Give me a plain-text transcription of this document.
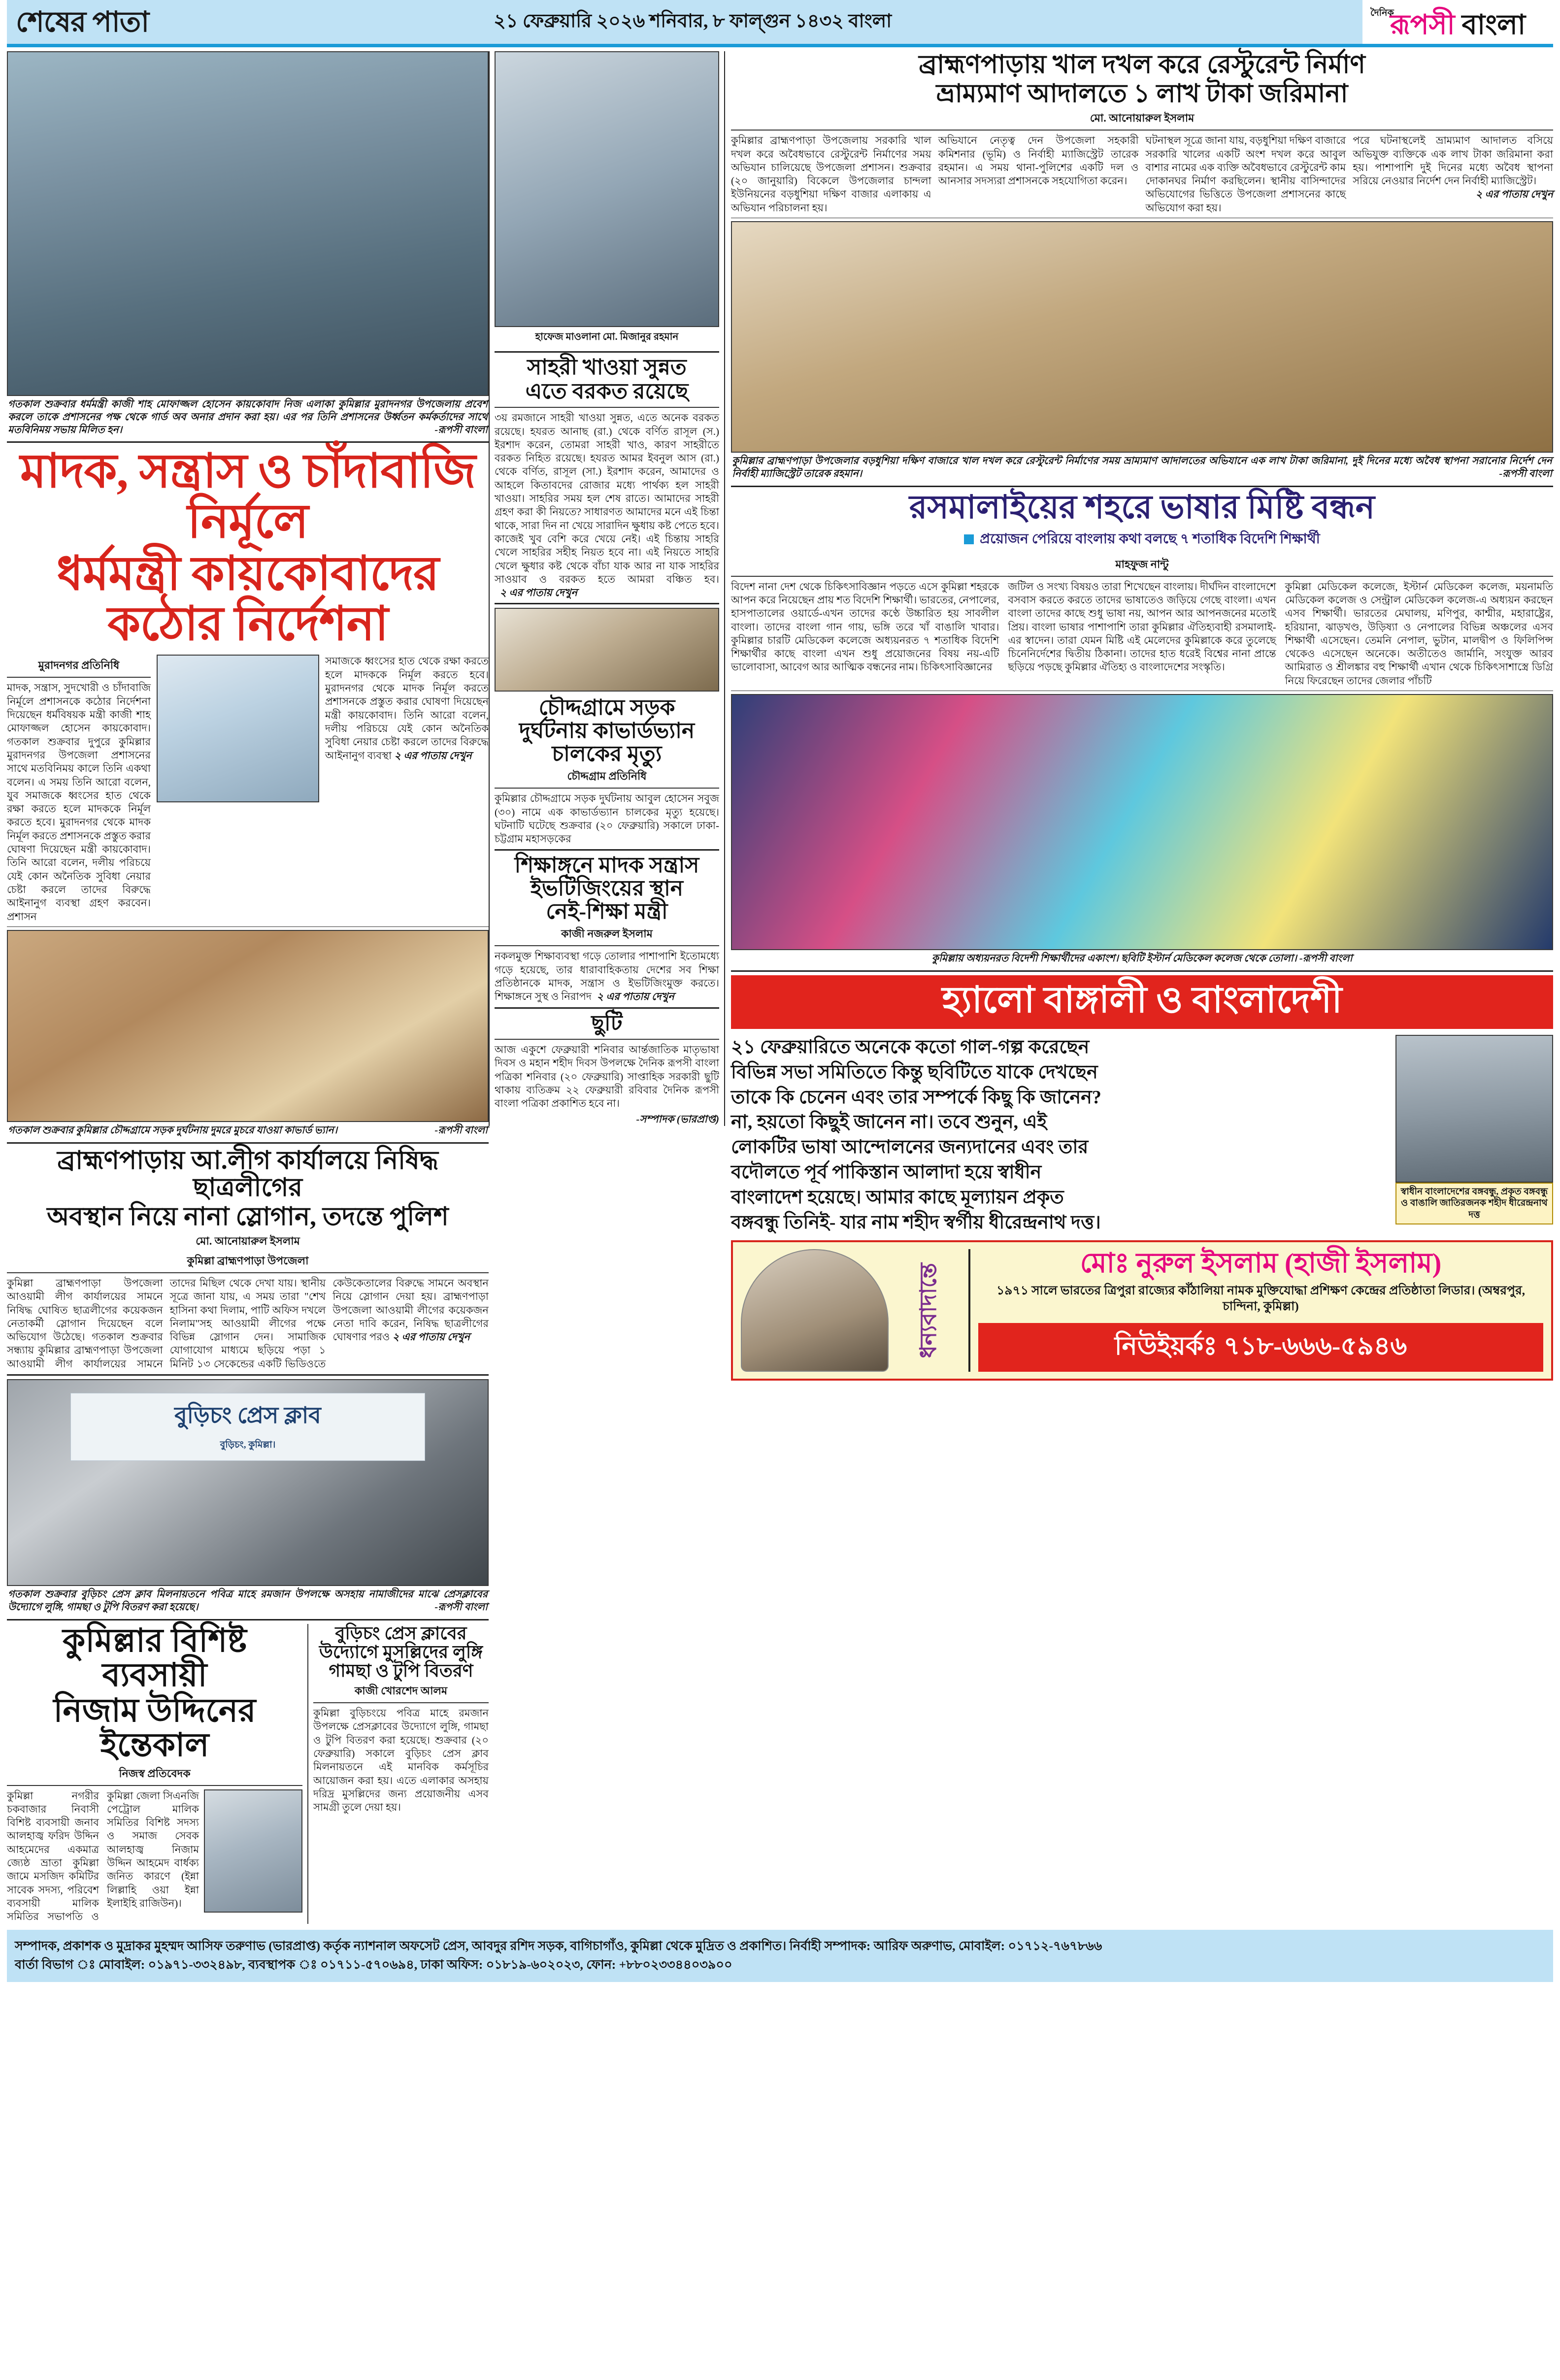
শেষের পাতা	২১ ফেব্রুয়ারি ২০২৬ শনিবার, ৮ ফাল্গুন ১৪৩২ বাংলা	দৈনিক
রূপসী বাংলা
গতকাল শুক্রবার ধর্মমন্ত্রী কাজী শাহ মোফাজ্জল হোসেন কায়কোবাদ নিজ এলাকা কুমিল্লার মুরাদনগর উপজেলায় প্রবেশ করলে তাকে প্রশাসনের পক্ষ থেকে গার্ড অব অনার প্রদান করা হয়। এর পর তিনি প্রশাসনের উর্ধ্বতন কর্মকর্তাদের সাথে মতবিনিময় সভায় মিলিত হন।	-রূপসী বাংলা
মাদক, সন্ত্রাস ও চাঁদাবাজি নির্মূলে
ধর্মমন্ত্রী কায়কোবাদের কঠোর নির্দেশনা
মুরাদনগর প্রতিনিধি
মাদক, সন্ত্রাস, সুদখোরী ও চাঁদাবাজি নির্মূলে প্রশাসনকে কঠোর নির্দেশনা দিয়েছেন ধর্মবিষয়ক মন্ত্রী কাজী শাহ মোফাজ্জল হোসেন কায়কোবাদ। গতকাল শুক্রবার দুপুরে কুমিল্লার মুরাদনগর উপজেলা প্রশাসনের সাথে মতবিনিময় কালে তিনি একথা বলেন। এ সময় তিনি আরো বলেন, যুব সমাজকে ধ্বংসের হাত থেকে রক্ষা করতে হলে মাদককে নির্মূল করতে হবে। মুরাদনগর থেকে মাদক নির্মূল করতে প্রশাসনকে প্রস্তুত করার ঘোষণা দিয়েছেন মন্ত্রী কায়কোবাদ। তিনি আরো বলেন, দলীয় পরিচয়ে যেই কোন অনৈতিক সুবিধা নেয়ার চেষ্টা করলে তাদের বিরুদ্ধে আইনানুগ ব্যবস্থা গ্রহণ করবেন। প্রশাসন
সমাজকে ধ্বংসের হাত থেকে রক্ষা করতে হলে মাদককে নির্মূল করতে হবে। মুরাদনগর থেকে মাদক নির্মূল করতে প্রশাসনকে প্রস্তুত করার ঘোষণা দিয়েছেন মন্ত্রী কায়কোবাদ। তিনি আরো বলেন, দলীয় পরিচয়ে যেই কোন অনৈতিক সুবিধা নেয়ার চেষ্টা করলে তাদের বিরুদ্ধে আইনানুগ ব্যবস্থা ২ এর পাতায় দেখুন
গতকাল শুক্রবার কুমিল্লার চৌদ্দগ্রামে সড়ক দুর্ঘটনায় দুমরে মুচরে যাওয়া কাভার্ড ভ্যান।	-রূপসী বাংলা
ব্রাহ্মণপাড়ায় আ.লীগ কার্যালয়ে নিষিদ্ধ ছাত্রলীগের
অবস্থান নিয়ে নানা স্লোগান, তদন্তে পুলিশ
মো. আনোয়ারুল ইসলাম
কুমিল্লা ব্রাহ্মণপাড়া উপজেলা
কুমিল্লা ব্রাহ্মণপাড়া উপজেলা আওয়ামী লীগ কার্যালয়ের সামনে নিষিদ্ধ ঘোষিত ছাত্রলীগের কয়েকজন নেতাকর্মী স্লোগান দিয়েছেন বলে অভিযোগ উঠেছে। গতকাল শুক্রবার সন্ধ্যায় কুমিল্লার ব্রাহ্মণপাড়া উপজেলা আওয়ামী লীগ কার্যালয়ের সামনে তাদের মিছিল থেকে দেখা যায়। স্থানীয় সূত্রে জানা যায়, এ সময় তারা "শেখ হাসিনা কথা দিলাম, পাটি অফিস দখলে নিলাম"সহ আওয়ামী লীগের পক্ষে বিভিন্ন স্লোগান দেন। সামাজিক যোগাযোগ মাধ্যমে ছড়িয়ে পড়া ১ মিনিট ১৩ সেকেন্ডের একটি ভিডিওতে কেউকেতালের বিরুদ্ধে সামনে অবস্থান নিয়ে স্লোগান দেয়া হয়। ব্রাহ্মণপাড়া উপজেলা আওয়ামী লীগের কয়েকজন নেতা দাবি করেন, নিষিদ্ধ ছাত্রলীগের ঘোষণার পরও ২ এর পাতায় দেখুন
বুড়িচং প্রেস ক্লাব
বুড়িচং, কুমিল্লা।
গতকাল শুক্রবার বুড়িচং প্রেস ক্লাব মিলনায়তনে পবিত্র মাহে রমজান উপলক্ষে অসহায় নামাজীদের মাঝে প্রেসক্লাবের উদ্যোগে লুঙ্গি, গামছা ও টুপি বিতরণ করা হয়েছে।	-রূপসী বাংলা
কুমিল্লার বিশিষ্ট ব্যবসায়ী
নিজাম উদ্দিনের ইন্তেকাল
নিজস্ব প্রতিবেদক
কুমিল্লা নগরীর চকবাজার নিবাসী বিশিষ্ট ব্যবসায়ী জনাব আলহাজ্ব ফরিদ উদ্দিন আহমেদের একমাত্র জ্যেষ্ঠ ভ্রাতা কুমিল্লা জামে মসজিদ কমিটির সাবেক সদস্য, পরিবেশ ব্যবসায়ী মালিক সমিতির সভাপতি ও কুমিল্লা জেলা সিএনজি পেট্রোল মালিক সমিতির বিশিষ্ট সদস্য ও সমাজ সেবক আলহাজ্ব নিজাম উদ্দিন আহমেদ বার্ধক্য জনিত কারণে (ইন্না লিল্লাহি ওয়া ইন্না ইলাইহি রাজিউন)।
বুড়িচং প্রেস ক্লাবের উদ্যোগে মুসল্লিদের লুঙ্গি গামছা ও টুপি বিতরণ
কাজী খোরশেদ আলম
কুমিল্লা বুড়িচংয়ে পবিত্র মাহে রমজান উপলক্ষে প্রেসক্লাবের উদ্যোগে লুঙ্গি, গামছা ও টুপি বিতরণ করা হয়েছে। শুক্রবার (২০ ফেব্রুয়ারি) সকালে বুড়িচং প্রেস ক্লাব মিলনায়তনে এই মানবিক কর্মসূচির আয়োজন করা হয়। এতে এলাকার অসহায় দরিদ্র মুসল্লিদের জন্য প্রয়োজনীয় এসব সামগ্রী তুলে দেয়া হয়।
হাফেজ মাওলানা মো. মিজানুর রহমান
সাহরী খাওয়া সুন্নত
এতে বরকত রয়েছে
৩য় রমজানে সাহরী খাওয়া সুন্নত, এতে অনেক বরকত রয়েছে। হযরত আনাছ (রা.) থেকে বর্ণিত রাসূল (স.) ইরশাদ করেন, তোমরা সাহরী খাও, কারণ সাহরীতে বরকত নিহিত রয়েছে। হযরত আমর ইবনুল আস (রা.) থেকে বর্ণিত, রাসূল (সা.) ইরশাদ করেন, আমাদের ও আহলে কিতাবদের রোজার মধ্যে পার্থক্য হল সাহরী খাওয়া। সাহরির সময় হল শেষ রাতে। আমাদের সাহরী গ্রহণ করা কী নিয়তে? সাধারণত আমাদের মনে এই চিন্তা থাকে, সারা দিন না খেয়ে সারাদিন ক্ষুধায় কষ্ট পেতে হবে। কাজেই খুব বেশি করে খেয়ে নেই। এই চিন্তায় সাহরি খেলে সাহরির সহীহ নিয়ত হবে না। এই নিয়তে সাহরি খেলে ক্ষুধার কষ্ট থেকে বাঁচা যাক আর না যাক সাহরির সাওয়াব ও বরকত হতে আমরা বঞ্চিত হব।   ২ এর পাতায় দেখুন
চৌদ্দগ্রামে সড়ক
দুর্ঘটনায় কাভার্ডভ্যান
চালকের মৃত্যু
চৌদ্দগ্রাম প্রতিনিধি
কুমিল্লার চৌদ্দগ্রামে সড়ক দুর্ঘটনায় আবুল হোসেন সবুজ (৩০) নামে এক কাভার্ডভ্যান চালকের মৃত্যু হয়েছে। ঘটনাটি ঘটেছে শুক্রবার (২০ ফেব্রুয়ারি) সকালে ঢাকা-চট্টগ্রাম মহাসড়কের
শিক্ষাঙ্গনে মাদক সন্ত্রাস
ইভটিজিংয়ের স্থান
নেই-শিক্ষা মন্ত্রী
কাজী নজরুল ইসলাম
নকলমুক্ত শিক্ষাব্যবস্থা গড়ে তোলার পাশাপাশি ইতোমধ্যে গড়ে হয়েছে, তার ধারাবাহিকতায় দেশের সব শিক্ষা প্রতিষ্ঠানকে মাদক, সন্ত্রাস ও ইভটিজিংমুক্ত করতে। শিক্ষাঙ্গনে সুস্থ ও নিরাপদ ২ এর পাতায় দেখুন
ছুটি
আজ একুশে ফেব্রুয়ারী শনিবার আর্ন্তজাতিক মাতৃভাষা দিবস ও মহান শহীদ দিবস উপলক্ষে দৈনিক রূপসী বাংলা পত্রিকা শনিবার (২০ ফেব্রুয়ারি) সাপ্তাহিক সরকারী ছুটি থাকায় ব্যতিক্রম ২২ ফেব্রুয়ারী রবিবার দৈনিক রূপসী বাংলা পত্রিকা প্রকাশিত হবে না।
-সম্পাদক (ভারপ্রাপ্ত)
ব্রাহ্মণপাড়ায় খাল দখল করে রেস্টুরেন্ট নির্মাণ
ভ্রাম্যমাণ আদালতে ১ লাখ টাকা জরিমানা
মো. আনোয়ারুল ইসলাম
কুমিল্লার ব্রাহ্মণপাড়া উপজেলায় সরকারি খাল দখল করে অবৈধভাবে রেস্টুরেন্ট নির্মাণের সময় অভিযান চালিয়েছে উপজেলা প্রশাসন। শুক্রবার (২০ জানুয়ারি) বিকেলে উপজেলার চান্দলা ইউনিয়নের বড়ধুশিয়া দক্ষিণ বাজার এলাকায় এ অভিযান পরিচালনা হয়।
অভিযানে নেতৃত্ব দেন উপজেলা সহকারী কমিশনার (ভূমি) ও নির্বাহী ম্যাজিস্ট্রেট তারেক রহমান। এ সময় থানা-পুলিশের একটি দল ও আনসার সদস্যরা প্রশাসনকে সহযোগিতা করেন।
ঘটনাস্থল সূত্রে জানা যায়, বড়ধুশিয়া দক্ষিণ বাজারে সরকারি খালের একটি অংশ দখল করে আবুল বাশার নামের এক ব্যক্তি অবৈধভাবে রেস্টুরেন্ট কাম দোকানঘর নির্মাণ করছিলেন। স্থানীয় বাসিন্দাদের অভিযোগের ভিত্তিতে উপজেলা প্রশাসনের কাছে অভিযোগ করা হয়।
পরে ঘটনাস্থলেই ভ্রাম্যমাণ আদালত বসিয়ে অভিযুক্ত ব্যক্তিকে এক লাখ টাকা জরিমানা করা হয়। পাশাপাশি দুই দিনের মধ্যে অবৈধ স্থাপনা সরিয়ে নেওয়ার নির্দেশ দেন নির্বাহী ম্যাজিস্ট্রেট।
২ এর পাতায় দেখুন
কুমিল্লার ব্রাহ্মণপাড়া উপজেলার বড়ধুশিয়া দক্ষিণ বাজারে খাল দখল করে রেস্টুরেন্ট নির্মাণের সময় ভ্রাম্যমাণ আদালতের অভিযানে এক লাখ টাকা জরিমানা, দুই দিনের মধ্যে অবৈধ স্থাপনা সরানোর নির্দেশ দেন নির্বাহী ম্যাজিস্ট্রেট তারেক রহমান।	-রূপসী বাংলা
রসমালাইয়ের শহরে ভাষার মিষ্টি বন্ধন
প্রয়োজন পেরিয়ে বাংলায় কথা বলছে ৭ শতাধিক বিদেশি শিক্ষার্থী
মাহফুজ নান্টু
বিদেশ নানা দেশ থেকে চিকিৎসাবিজ্ঞান পড়তে এসে কুমিল্লা শহরকে আপন করে নিয়েছেন প্রায় শত বিদেশি শিক্ষার্থী। ভারতের, নেপালের, হাসপাতালের ওয়ার্ডে-এখন তাদের কণ্ঠে উচ্চারিত হয় সাবলীল বাংলা। তাদের বাংলা গান গায়, ভঙ্গি তরে খাঁ বাঙালি খাবার। কুমিল্লার চারটি মেডিকেল কলেজে অধ্যয়নরত ৭ শতাধিক বিদেশি শিক্ষার্থীর কাছে বাংলা এখন শুধু প্রয়োজনের বিষয় নয়-এটি ভালোবাসা, আবেগ আর আত্মিক বন্ধনের নাম। চিকিৎসাবিজ্ঞানের
জটিল ও সংখ্য বিষয়ও তারা শিখেছেন বাংলায়। দীর্ঘদিন বাংলাদেশে বসবাস করতে করতে তাদের ভাষাতেও জড়িয়ে গেছে বাংলা। এখন বাংলা তাদের কাছে শুধু ভাষা নয়, আপন আর আপনজনের মতোই প্রিয়। বাংলা ভাষার পাশাপাশি তারা কুমিল্লার ঐতিহ্যবাহী রসমালাই-এর স্বাদেন। তারা যেমন মিষ্টি এই মেলেদের কুমিল্লাকে করে তুলেছে চিনেনির্দেশের দ্বিতীয় ঠিকানা। তাদের হাত ধরেই বিশ্বের নানা প্রান্তে ছড়িয়ে পড়ছে কুমিল্লার ঐতিহ্য ও বাংলাদেশের সংস্কৃতি।
কুমিল্লা মেডিকেল কলেজে, ইস্টার্ন মেডিকেল কলেজ, ময়নামতি মেডিকেল কলেজ ও সেন্ট্রাল মেডিকেল কলেজ-এ অধ্যয়ন করছেন এসব শিক্ষার্থী। ভারতের মেঘালয়, মণিপুর, কাশ্মীর, মহারাষ্ট্রের, হরিয়ানা, ঝাড়খণ্ড, উড়িষ্যা ও নেপালের বিভিন্ন অঞ্চলের এসব শিক্ষার্থী এসেছেন। তেমনি নেপাল, ভুটান, মালদ্বীপ ও ফিলিপিন্স থেকেও এসেছেন অনেকে। অতীতেও জার্মানি, সংযুক্ত আরব আমিরাত ও শ্রীলঙ্কার বহু শিক্ষার্থী এখান থেকে চিকিৎসাশাস্ত্রে ডিগ্রি নিয়ে ফিরেছেন তাদের জেলার পাঁচটি
কুমিল্লায় অধ্যয়নরত বিদেশী শিক্ষার্থীদের একাংশ। ছবিটি ইস্টার্ন মেডিকেল কলেজ থেকে তোলা। -রূপসী বাংলা
হ্যালো বাঙ্গালী ও বাংলাদেশী
২১ ফেব্রুয়ারিতে অনেকে কতো গাল-গল্প করেছেন
বিভিন্ন সভা সমিতিতে কিন্তু ছবিটিতে যাকে দেখছেন
তাকে কি চেনেন এবং তার সম্পর্কে কিছু কি জানেন?
না, হয়তো কিছুই জানেন না। তবে শুনুন, এই
লোকটির ভাষা আন্দোলনের জন্যদানের এবং তার
বদৌলতে পূর্ব পাকিস্তান আলাদা হয়ে স্বাধীন
বাংলাদেশ হয়েছে। আমার কাছে মূল্যায়ন প্রকৃত
বঙ্গবন্ধু তিনিই- যার নাম শহীদ স্বর্গীয় ধীরেন্দ্রনাথ দত্ত।
স্বাধীন বাংলাদেশের বঙ্গবন্ধু, প্রকৃত বঙ্গবন্ধু ও বাঙালি জাতিরজনক শহীদ ধীরেন্দ্রনাথ দত্ত
ধন্যবাদান্তে	মোঃ নুরুল ইসলাম (হাজী ইসলাম)
১৯৭১ সালে ভারতের ত্রিপুরা রাজ্যের কাঁঠালিয়া নামক মুক্তিযোদ্ধা প্রশিক্ষণ কেন্দ্রের প্রতিষ্ঠাতা লিডার। (অম্বরপুর, চান্দিনা, কুমিল্লা)
নিউইয়র্কঃ ৭১৮-৬৬৬-৫৯৪৬
সম্পাদক, প্রকাশক ও মুদ্রাকর মুহম্মদ আসিফ তরুণাভ (ভারপ্রাপ্ত) কর্তৃক ন্যাশনাল অফসেট প্রেস, আবদুর রশিদ সড়ক, বাগিচাগাঁও, কুমিল্লা থেকে মুদ্রিত ও প্রকাশিত। নির্বাহী সম্পাদক: আরিফ অরুণাভ, মোবাইল: ০১৭১২-৭৬৭৮৬৬
বার্তা বিভাগ ঃ মোবাইল: ০১৯৭১-৩৩২৪৯৮, ব্যবস্থাপক ঃ ০১৭১১-৫৭০৬৯৪, ঢাকা অফিস: ০১৮১৯-৬০২০২৩, ফোন: +৮৮০২৩৩৪৪০৩৯০০
